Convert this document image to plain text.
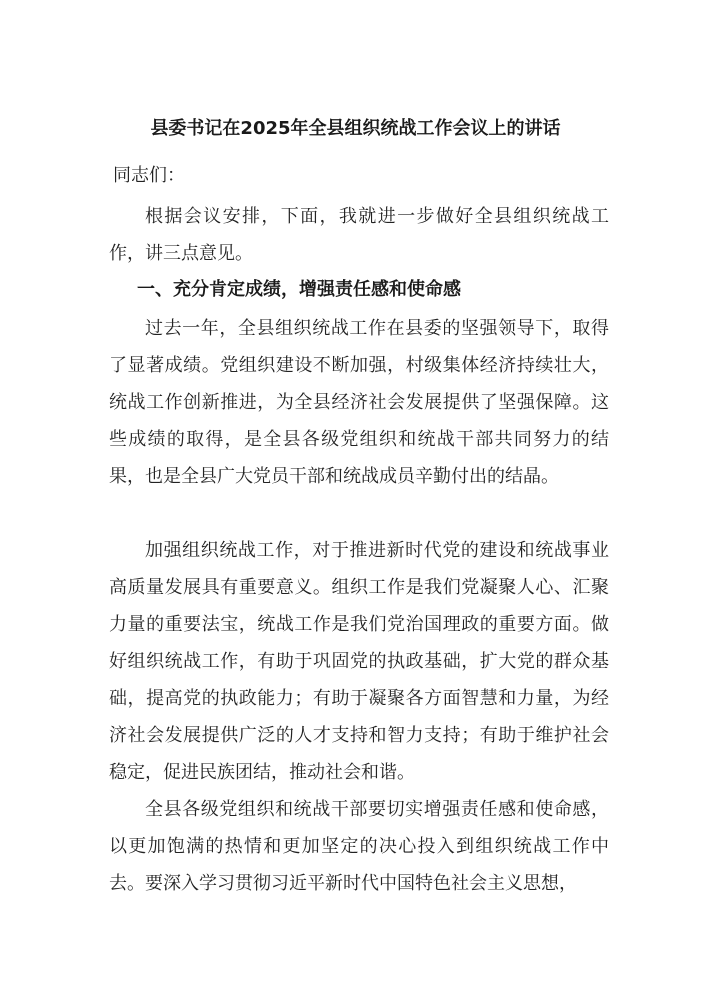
县委书记在2025年全县组织统战工作会议上的讲话

同志们：

根据会议安排，下面，我就进一步做好全县组织统战工作，讲三点意见。

一、充分肯定成绩，增强责任感和使命感

过去一年，全县组织统战工作在县委的坚强领导下，取得了显著成绩。党组织建设不断加强，村级集体经济持续壮大，统战工作创新推进，为全县经济社会发展提供了坚强保障。这些成绩的取得，是全县各级党组织和统战干部共同努力的结果，也是全县广大党员干部和统战成员辛勤付出的结晶。

加强组织统战工作，对于推进新时代党的建设和统战事业高质量发展具有重要意义。组织工作是我们党凝聚人心、汇聚力量的重要法宝，统战工作是我们党治国理政的重要方面。做好组织统战工作，有助于巩固党的执政基础，扩大党的群众基础，提高党的执政能力；有助于凝聚各方面智慧和力量，为经济社会发展提供广泛的人才支持和智力支持；有助于维护社会稳定，促进民族团结，推动社会和谐。

全县各级党组织和统战干部要切实增强责任感和使命感，以更加饱满的热情和更加坚定的决心投入到组织统战工作中去。要深入学习贯彻习近平新时代中国特色社会主义思想，
